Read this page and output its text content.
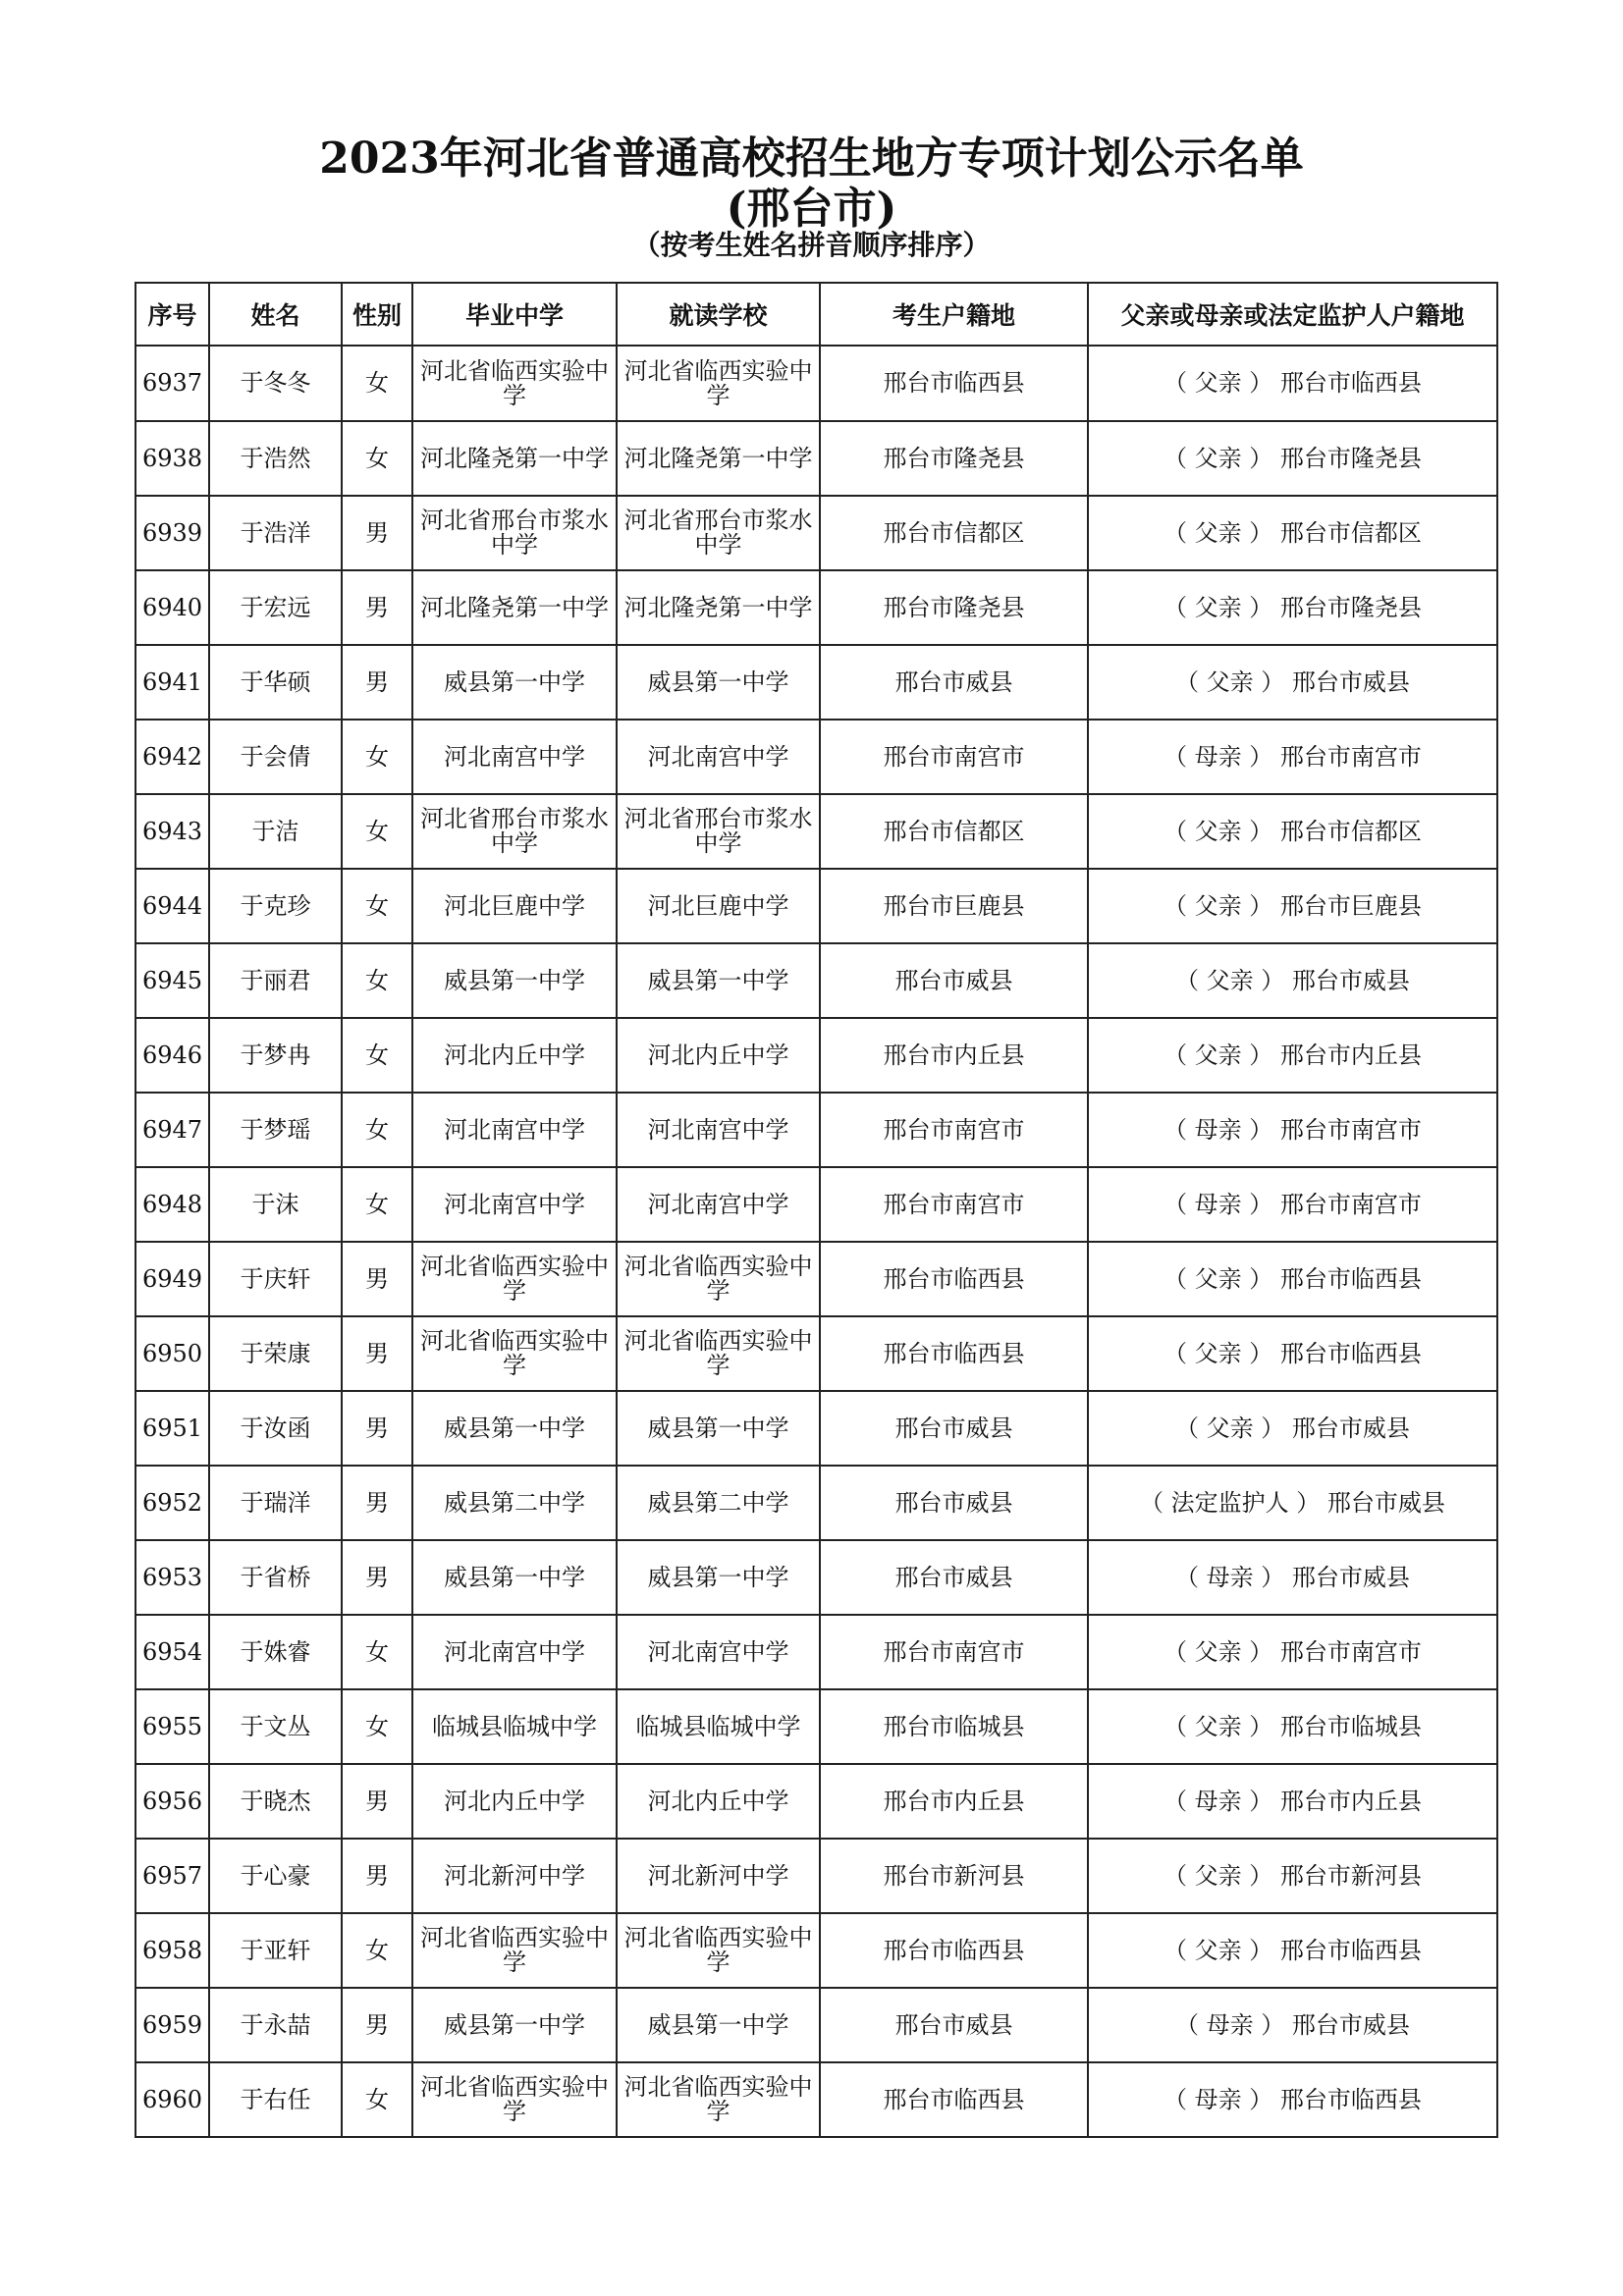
2023年河北省普通高校招生地方专项计划公示名单
(邢台市)
（按考生姓名拼音顺序排序）
序号	姓名	性别	毕业中学	就读学校	考生户籍地	父亲或母亲或法定监护人户籍地
6937	于冬冬	女	河北省临西实验中学	河北省临西实验中学	邢台市临西县	（ 父亲 ） 邢台市临西县
6938	于浩然	女	河北隆尧第一中学	河北隆尧第一中学	邢台市隆尧县	（ 父亲 ） 邢台市隆尧县
6939	于浩洋	男	河北省邢台市浆水中学	河北省邢台市浆水中学	邢台市信都区	（ 父亲 ） 邢台市信都区
6940	于宏远	男	河北隆尧第一中学	河北隆尧第一中学	邢台市隆尧县	（ 父亲 ） 邢台市隆尧县
6941	于华硕	男	威县第一中学	威县第一中学	邢台市威县	（ 父亲 ） 邢台市威县
6942	于会倩	女	河北南宫中学	河北南宫中学	邢台市南宫市	（ 母亲 ） 邢台市南宫市
6943	于洁	女	河北省邢台市浆水中学	河北省邢台市浆水中学	邢台市信都区	（ 父亲 ） 邢台市信都区
6944	于克珍	女	河北巨鹿中学	河北巨鹿中学	邢台市巨鹿县	（ 父亲 ） 邢台市巨鹿县
6945	于丽君	女	威县第一中学	威县第一中学	邢台市威县	（ 父亲 ） 邢台市威县
6946	于梦冉	女	河北内丘中学	河北内丘中学	邢台市内丘县	（ 父亲 ） 邢台市内丘县
6947	于梦瑶	女	河北南宫中学	河北南宫中学	邢台市南宫市	（ 母亲 ） 邢台市南宫市
6948	于沫	女	河北南宫中学	河北南宫中学	邢台市南宫市	（ 母亲 ） 邢台市南宫市
6949	于庆轩	男	河北省临西实验中学	河北省临西实验中学	邢台市临西县	（ 父亲 ） 邢台市临西县
6950	于荣康	男	河北省临西实验中学	河北省临西实验中学	邢台市临西县	（ 父亲 ） 邢台市临西县
6951	于汝函	男	威县第一中学	威县第一中学	邢台市威县	（ 父亲 ） 邢台市威县
6952	于瑞洋	男	威县第二中学	威县第二中学	邢台市威县	（ 法定监护人 ） 邢台市威县
6953	于省桥	男	威县第一中学	威县第一中学	邢台市威县	（ 母亲 ） 邢台市威县
6954	于姝睿	女	河北南宫中学	河北南宫中学	邢台市南宫市	（ 父亲 ） 邢台市南宫市
6955	于文丛	女	临城县临城中学	临城县临城中学	邢台市临城县	（ 父亲 ） 邢台市临城县
6956	于晓杰	男	河北内丘中学	河北内丘中学	邢台市内丘县	（ 母亲 ） 邢台市内丘县
6957	于心豪	男	河北新河中学	河北新河中学	邢台市新河县	（ 父亲 ） 邢台市新河县
6958	于亚轩	女	河北省临西实验中学	河北省临西实验中学	邢台市临西县	（ 父亲 ） 邢台市临西县
6959	于永喆	男	威县第一中学	威县第一中学	邢台市威县	（ 母亲 ） 邢台市威县
6960	于右任	女	河北省临西实验中学	河北省临西实验中学	邢台市临西县	（ 母亲 ） 邢台市临西县
